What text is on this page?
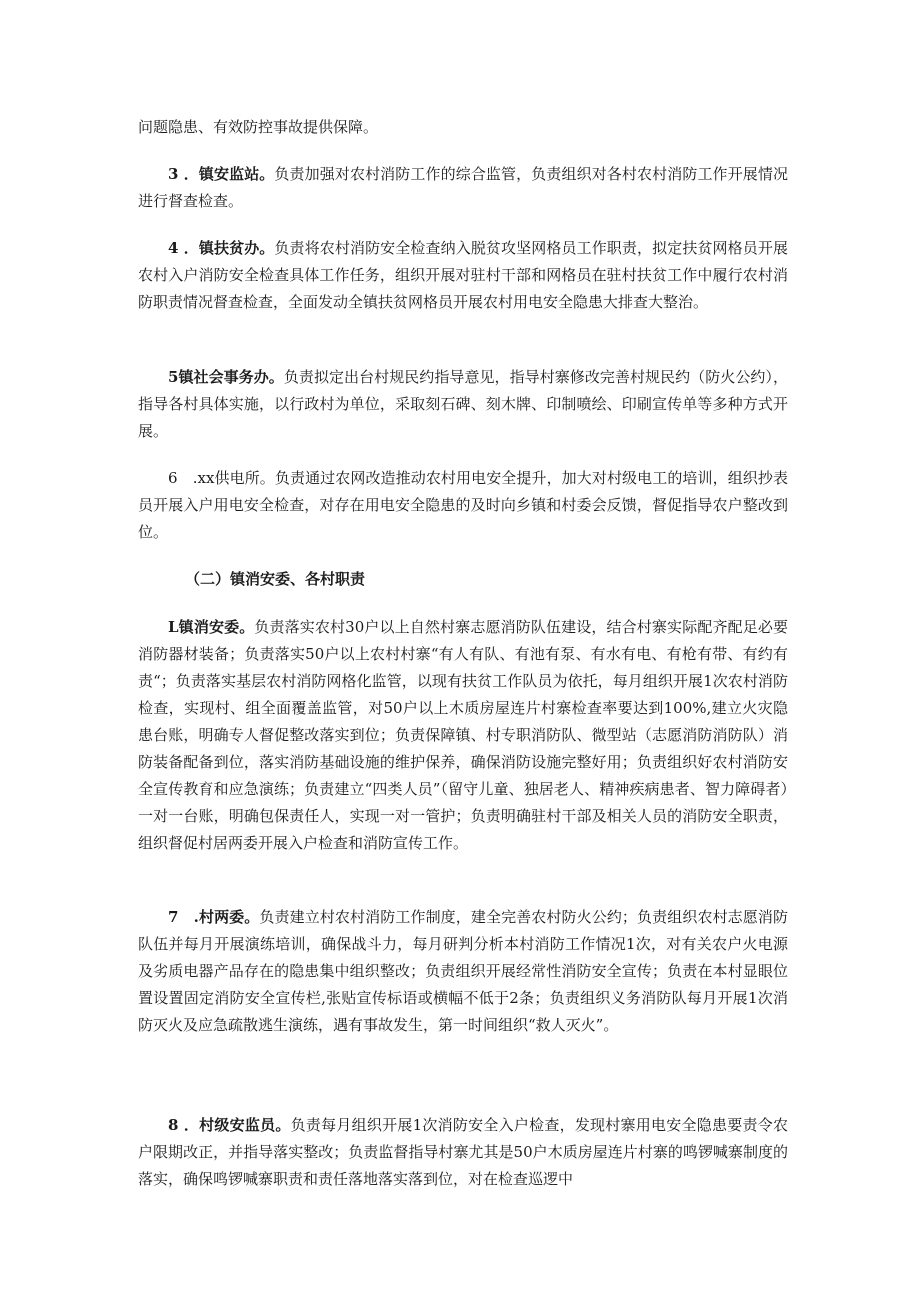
问题隐患、有效防控事故提供保障。

3 ．镇安监站。负责加强对农村消防工作的综合监管，负责组织对各村农村消防工作开展情况进行督查检查。

4 ．镇扶贫办。负责将农村消防安全检查纳入脱贫攻坚网格员工作职责，拟定扶贫网格员开展农村入户消防安全检查具体工作任务，组织开展对驻村干部和网格员在驻村扶贫工作中履行农村消防职责情况督查检查，全面发动全镇扶贫网格员开展农村用电安全隐患大排查大整治。

5镇社会事务办。负责拟定出台村规民约指导意见，指导村寨修改完善村规民约（防火公约），指导各村具体实施，以行政村为单位，采取刻石碑、刻木牌、印制喷绘、印刷宣传单等多种方式开展。

6　.xx供电所。负责通过农网改造推动农村用电安全提升，加大对村级电工的培训，组织抄表员开展入户用电安全检查，对存在用电安全隐患的及时向乡镇和村委会反馈，督促指导农户整改到位。

（二）镇消安委、各村职责

L镇消安委。负责落实农村30户以上自然村寨志愿消防队伍建设，结合村寨实际配齐配足必要消防器材装备；负责落实50户以上农村村寨“有人有队、有池有泵、有水有电、有枪有带、有约有责“；负责落实基层农村消防网格化监管，以现有扶贫工作队员为依托，每月组织开展1次农村消防检查，实现村、组全面覆盖监管，对50户以上木质房屋连片村寨检查率要达到100%,建立火灾隐患台账，明确专人督促整改落实到位；负责保障镇、村专职消防队、微型站（志愿消防消防队）消防装备配备到位，落实消防基础设施的维护保养，确保消防设施完整好用；负责组织好农村消防安全宣传教育和应急演练；负责建立“四类人员”（留守儿童、独居老人、精神疾病患者、智力障碍者）一对一台账，明确包保责任人，实现一对一管护；负责明确驻村干部及相关人员的消防安全职责，组织督促村居两委开展入户检查和消防宣传工作。

7　.村两委。负责建立村农村消防工作制度，建全完善农村防火公约；负责组织农村志愿消防队伍并每月开展演练培训，确保战斗力，每月研判分析本村消防工作情况1次，对有关农户火电源及劣质电器产品存在的隐患集中组织整改；负责组织开展经常性消防安全宣传；负责在本村显眼位置设置固定消防安全宣传栏,张贴宣传标语或横幅不低于2条；负责组织义务消防队每月开展1次消防灭火及应急疏散逃生演练，遇有事故发生，第一时间组织“救人灭火”。

8 ．村级安监员。负责每月组织开展1次消防安全入户检查，发现村寨用电安全隐患要责令农户限期改正，并指导落实整改；负责监督指导村寨尤其是50户木质房屋连片村寨的鸣锣喊寨制度的落实，确保鸣锣喊寨职责和责任落地落实落到位，对在检查巡逻中
